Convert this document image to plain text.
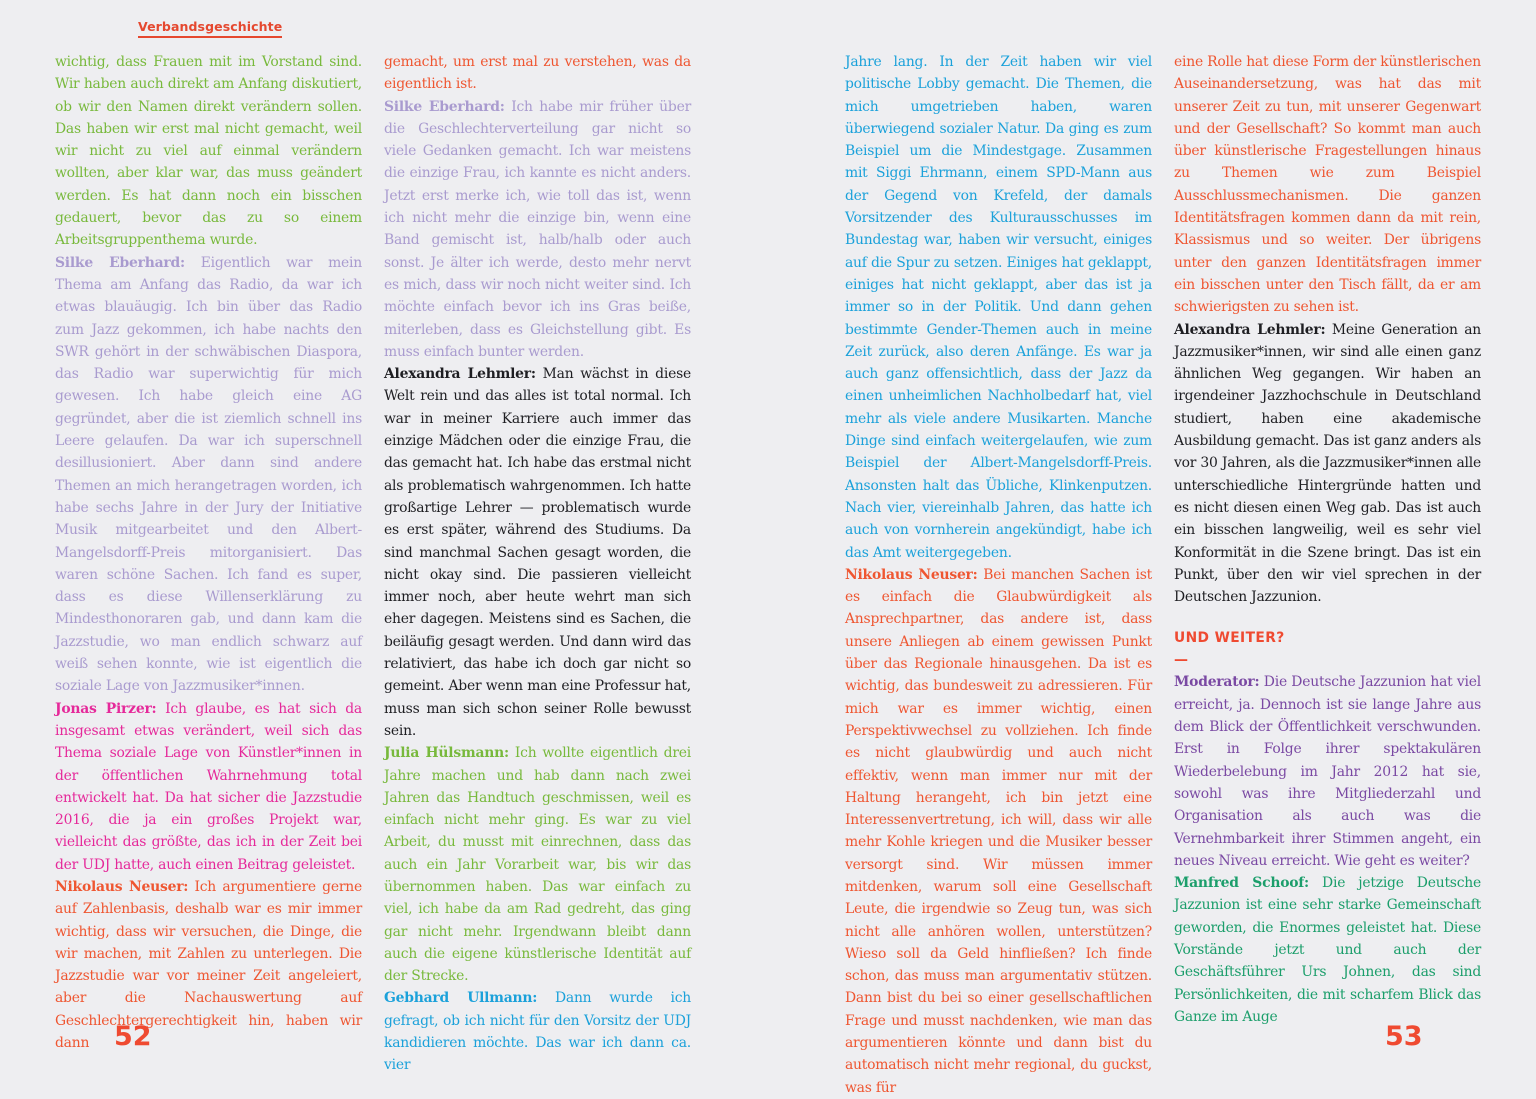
Verbandsgeschichte

wichtig, dass Frauen mit im Vorstand sind. Wir haben auch direkt am Anfang diskutiert, ob wir den Namen direkt verändern sollen. Das haben wir erst mal nicht gemacht, weil wir nicht zu viel auf einmal verändern wollten, aber klar war, das muss geändert werden. Es hat dann noch ein bisschen gedauert, bevor das zu so einem Arbeitsgruppenthema wurde.

Silke Eberhard: Eigentlich war mein Thema am Anfang das Radio, da war ich etwas blauäugig. Ich bin über das Radio zum Jazz gekommen, ich habe nachts den SWR gehört in der schwäbischen Diaspora, das Radio war superwichtig für mich gewesen. Ich habe gleich eine AG gegründet, aber die ist ziemlich schnell ins Leere gelaufen. Da war ich superschnell desillusioniert. Aber dann sind andere Themen an mich herangetragen worden, ich habe sechs Jahre in der Jury der Initiative Musik mitgearbeitet und den Albert-Mangelsdorff-Preis mitorganisiert. Das waren schöne Sachen. Ich fand es super, dass es diese Willenserklärung zu Mindesthonoraren gab, und dann kam die Jazzstudie, wo man endlich schwarz auf weiß sehen konnte, wie ist eigentlich die soziale Lage von Jazzmusiker*innen.

Jonas Pirzer: Ich glaube, es hat sich da insgesamt etwas verändert, weil sich das Thema soziale Lage von Künstler*innen in der öffentlichen Wahrnehmung total entwickelt hat. Da hat sicher die Jazzstudie 2016, die ja ein großes Projekt war, vielleicht das größte, das ich in der Zeit bei der UDJ hatte, auch einen Beitrag geleistet.

Nikolaus Neuser: Ich argumentiere gerne auf Zahlenbasis, deshalb war es mir immer wichtig, dass wir versuchen, die Dinge, die wir machen, mit Zahlen zu unterlegen. Die Jazzstudie war vor meiner Zeit angeleiert, aber die Nachauswertung auf Geschlechtergerechtigkeit hin, haben wir dann

gemacht, um erst mal zu verstehen, was da eigentlich ist.

Silke Eberhard: Ich habe mir früher über die Geschlechterverteilung gar nicht so viele Gedanken gemacht. Ich war meistens die einzige Frau, ich kannte es nicht anders. Jetzt erst merke ich, wie toll das ist, wenn ich nicht mehr die einzige bin, wenn eine Band gemischt ist, halb/halb oder auch sonst. Je älter ich werde, desto mehr nervt es mich, dass wir noch nicht weiter sind. Ich möchte einfach bevor ich ins Gras beiße, miterleben, dass es Gleichstellung gibt. Es muss einfach bunter werden.

Alexandra Lehmler: Man wächst in diese Welt rein und das alles ist total normal. Ich war in meiner Karriere auch immer das einzige Mädchen oder die einzige Frau, die das gemacht hat. Ich habe das erstmal nicht als problematisch wahrgenommen. Ich hatte großartige Lehrer — problematisch wurde es erst später, während des Studiums. Da sind manchmal Sachen gesagt worden, die nicht okay sind. Die passieren vielleicht immer noch, aber heute wehrt man sich eher dagegen. Meistens sind es Sachen, die beiläufig gesagt werden. Und dann wird das relativiert, das habe ich doch gar nicht so gemeint. Aber wenn man eine Professur hat, muss man sich schon seiner Rolle bewusst sein.

Julia Hülsmann: Ich wollte eigentlich drei Jahre machen und hab dann nach zwei Jahren das Handtuch geschmissen, weil es einfach nicht mehr ging. Es war zu viel Arbeit, du musst mit einrechnen, dass das auch ein Jahr Vorarbeit war, bis wir das übernommen haben. Das war einfach zu viel, ich habe da am Rad gedreht, das ging gar nicht mehr. Irgendwann bleibt dann auch die eigene künstlerische Identität auf der Strecke.

Gebhard Ullmann: Dann wurde ich gefragt, ob ich nicht für den Vorsitz der UDJ kandidieren möchte. Das war ich dann ca. vier

52

Jahre lang. In der Zeit haben wir viel politische Lobby gemacht. Die Themen, die mich umgetrieben haben, waren überwiegend sozialer Natur. Da ging es zum Beispiel um die Mindestgage. Zusammen mit Siggi Ehrmann, einem SPD-Mann aus der Gegend von Krefeld, der damals Vorsitzender des Kulturausschusses im Bundestag war, haben wir versucht, einiges auf die Spur zu setzen. Einiges hat geklappt, einiges hat nicht geklappt, aber das ist ja immer so in der Politik. Und dann gehen bestimmte Gender-Themen auch in meine Zeit zurück, also deren Anfänge. Es war ja auch ganz offensichtlich, dass der Jazz da einen unheimlichen Nachholbedarf hat, viel mehr als viele andere Musikarten. Manche Dinge sind einfach weitergelaufen, wie zum Beispiel der Albert-Mangelsdorff-Preis. Ansonsten halt das Übliche, Klinkenputzen. Nach vier, viereinhalb Jahren, das hatte ich auch von vornherein angekündigt, habe ich das Amt weitergegeben.

Nikolaus Neuser: Bei manchen Sachen ist es einfach die Glaubwürdigkeit als Ansprechpartner, das andere ist, dass unsere Anliegen ab einem gewissen Punkt über das Regionale hinausgehen. Da ist es wichtig, das bundesweit zu adressieren. Für mich war es immer wichtig, einen Perspektivwechsel zu vollziehen. Ich finde es nicht glaubwürdig und auch nicht effektiv, wenn man immer nur mit der Haltung herangeht, ich bin jetzt eine Interessenvertretung, ich will, dass wir alle mehr Kohle kriegen und die Musiker besser versorgt sind. Wir müssen immer mitdenken, warum soll eine Gesellschaft Leute, die irgendwie so Zeug tun, was sich nicht alle anhören wollen, unterstützen? Wieso soll da Geld hinfließen? Ich finde schon, das muss man argumentativ stützen. Dann bist du bei so einer gesellschaftlichen Frage und musst nachdenken, wie man das argumentieren könnte und dann bist du automatisch nicht mehr regional, du guckst, was für

eine Rolle hat diese Form der künstlerischen Auseinandersetzung, was hat das mit unserer Zeit zu tun, mit unserer Gegenwart und der Gesellschaft? So kommt man auch über künstlerische Fragestellungen hinaus zu Themen wie zum Beispiel Ausschlussmechanismen. Die ganzen Identitätsfragen kommen dann da mit rein, Klassismus und so weiter. Der übrigens unter den ganzen Identitätsfragen immer ein bisschen unter den Tisch fällt, da er am schwierigsten zu sehen ist.

Alexandra Lehmler: Meine Generation an Jazzmusiker*innen, wir sind alle einen ganz ähnlichen Weg gegangen. Wir haben an irgendeiner Jazzhochschule in Deutschland studiert, haben eine akademische Ausbildung gemacht. Das ist ganz anders als vor 30 Jahren, als die Jazzmusiker*innen alle unterschiedliche Hintergründe hatten und es nicht diesen einen Weg gab. Das ist auch ein bisschen langweilig, weil es sehr viel Konformität in die Szene bringt. Das ist ein Punkt, über den wir viel sprechen in der Deutschen Jazzunion.

UND WEITER?
—

Moderator: Die Deutsche Jazzunion hat viel erreicht, ja. Dennoch ist sie lange Jahre aus dem Blick der Öffentlichkeit verschwunden. Erst in Folge ihrer spektakulären Wiederbelebung im Jahr 2012 hat sie, sowohl was ihre Mitgliederzahl und Organisation als auch was die Vernehmbarkeit ihrer Stimmen angeht, ein neues Niveau erreicht. Wie geht es weiter?

Manfred Schoof: Die jetzige Deutsche Jazzunion ist eine sehr starke Gemeinschaft geworden, die Enormes geleistet hat. Diese Vorstände jetzt und auch der Geschäftsführer Urs Johnen, das sind Persönlichkeiten, die mit scharfem Blick das Ganze im Auge

53
